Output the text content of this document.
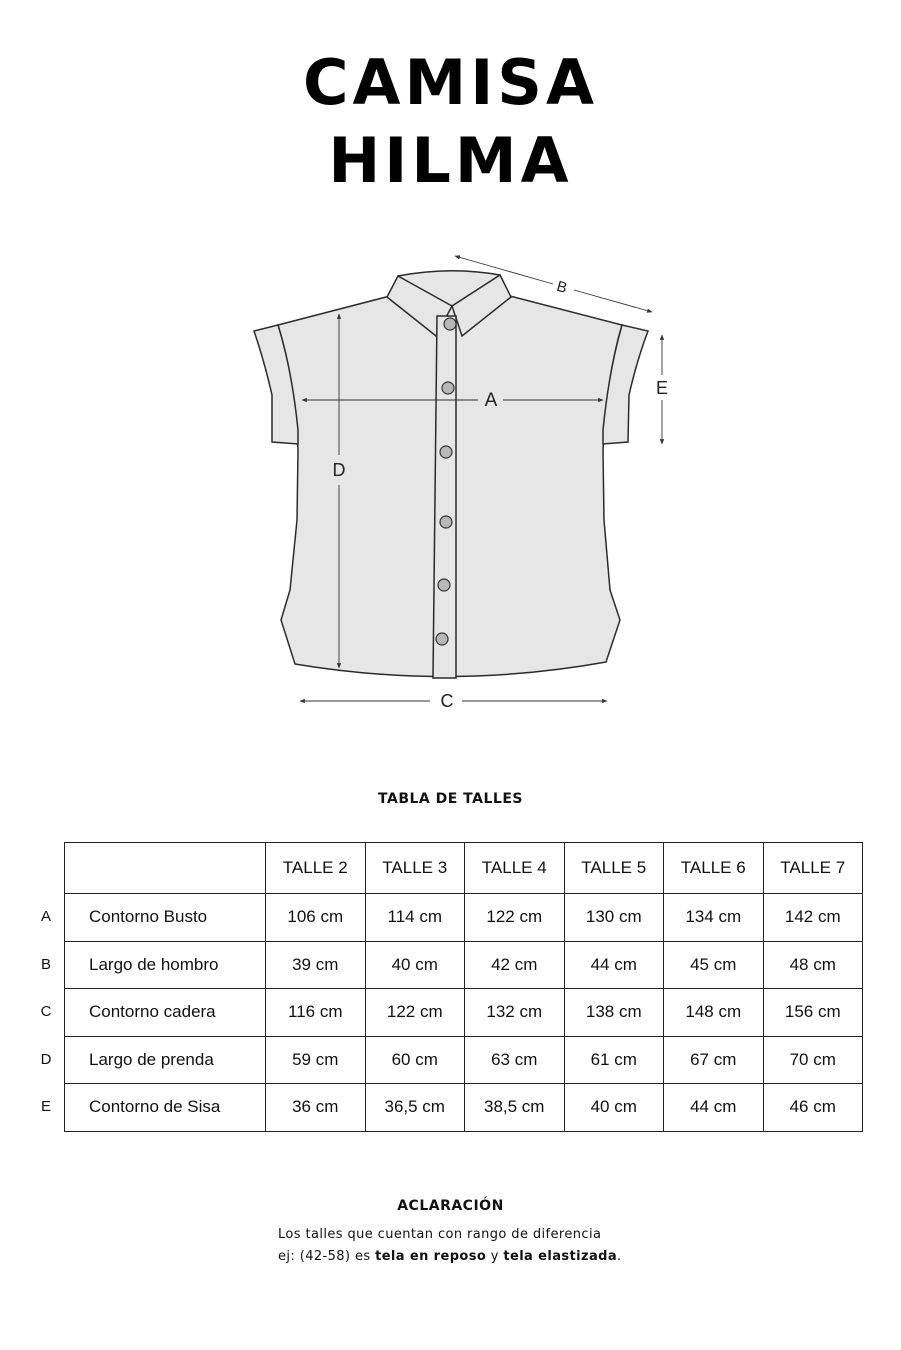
CAMISA
HILMA
A
B
C
D
E
TABLA DE TALLES
A
B
C
D
E
	TALLE 2	TALLE 3	TALLE 4	TALLE 5	TALLE 6	TALLE 7
Contorno Busto	106 cm	114 cm	122 cm	130 cm	134 cm	142 cm
Largo de hombro	39 cm	40 cm	42 cm	44 cm	45 cm	48 cm
Contorno cadera	116 cm	122 cm	132 cm	138 cm	148 cm	156 cm
Largo de prenda	59 cm	60 cm	63 cm	61 cm	67 cm	70 cm
Contorno de Sisa	36 cm	36,5 cm	38,5 cm	40 cm	44 cm	46 cm
ACLARACIÓN
Los talles que cuentan con rango de diferencia
ej: (42-58) es tela en reposo y tela elastizada.
